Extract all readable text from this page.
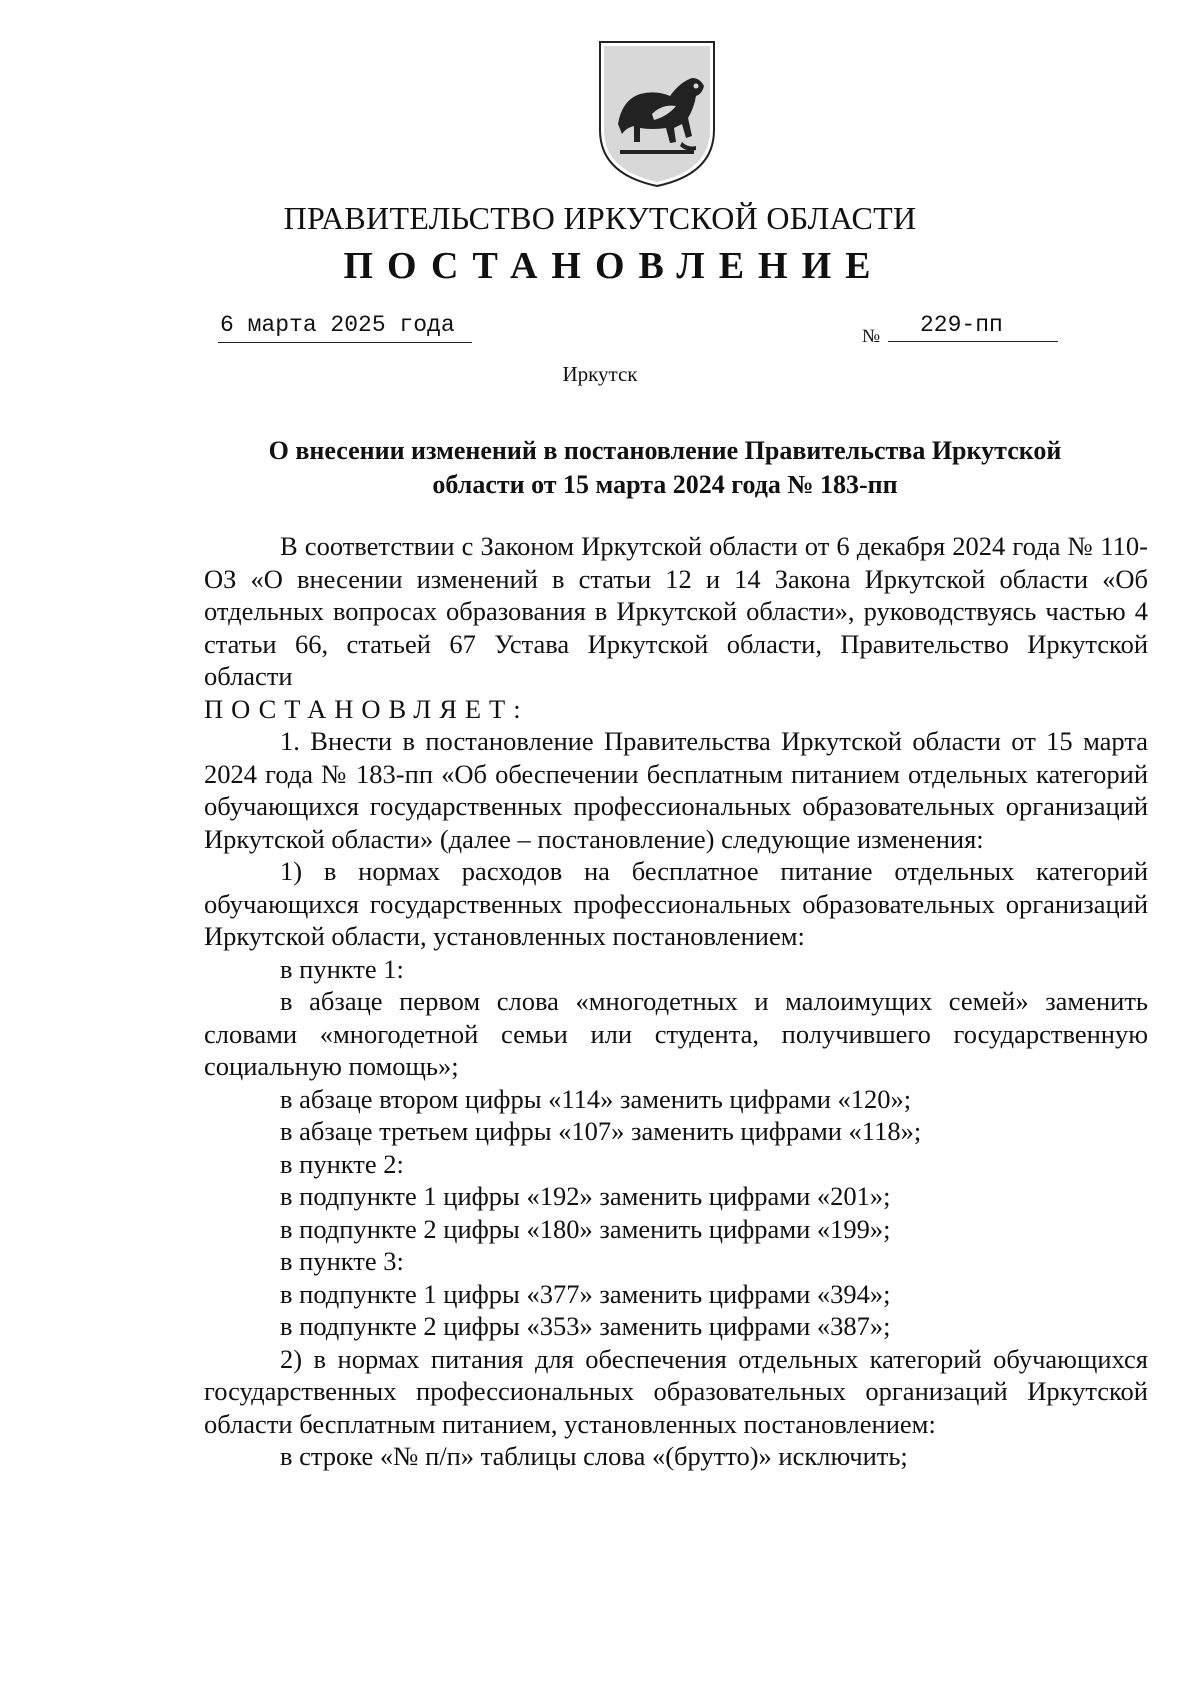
ПРАВИТЕЛЬСТВО ИРКУТСКОЙ ОБЛАСТИ
ПОСТАНОВЛЕНИЕ
6 марта 2025 года	№	229-пп
Иркутск
О внесении изменений в постановление Правительства Иркутской
области от 15 марта 2024 года № 183-пп

В соответствии с Законом Иркутской области от 6 декабря 2024 года № 110-ОЗ «О внесении изменений в статьи 12 и 14 Закона Иркутской области «Об отдельных вопросах образования в Иркутской области», руководствуясь частью 4 статьи 66, статьей 67 Устава Иркутской области, Правительство Иркутской области

ПОСТАНОВЛЯЕТ:

1. Внести в постановление Правительства Иркутской области от 15 марта 2024 года № 183-пп «Об обеспечении бесплатным питанием отдельных категорий обучающихся государственных профессиональных образовательных организаций Иркутской области» (далее – постановление) следующие изменения:

1) в нормах расходов на бесплатное питание отдельных категорий обучающихся государственных профессиональных образовательных организаций Иркутской области, установленных постановлением:

в пункте 1:

в абзаце первом слова «многодетных и малоимущих семей» заменить словами «многодетной семьи или студента, получившего государственную социальную помощь»;

в абзаце втором цифры «114» заменить цифрами «120»;

в абзаце третьем цифры «107» заменить цифрами «118»;

в пункте 2:

в подпункте 1 цифры «192» заменить цифрами «201»;

в подпункте 2 цифры «180» заменить цифрами «199»;

в пункте 3:

в подпункте 1 цифры «377» заменить цифрами «394»;

в подпункте 2 цифры «353» заменить цифрами «387»;

2) в нормах питания для обеспечения отдельных категорий обучающихся государственных профессиональных образовательных организаций Иркутской области бесплатным питанием, установленных постановлением:

в строке «№ п/п» таблицы слова «(брутто)» исключить;
